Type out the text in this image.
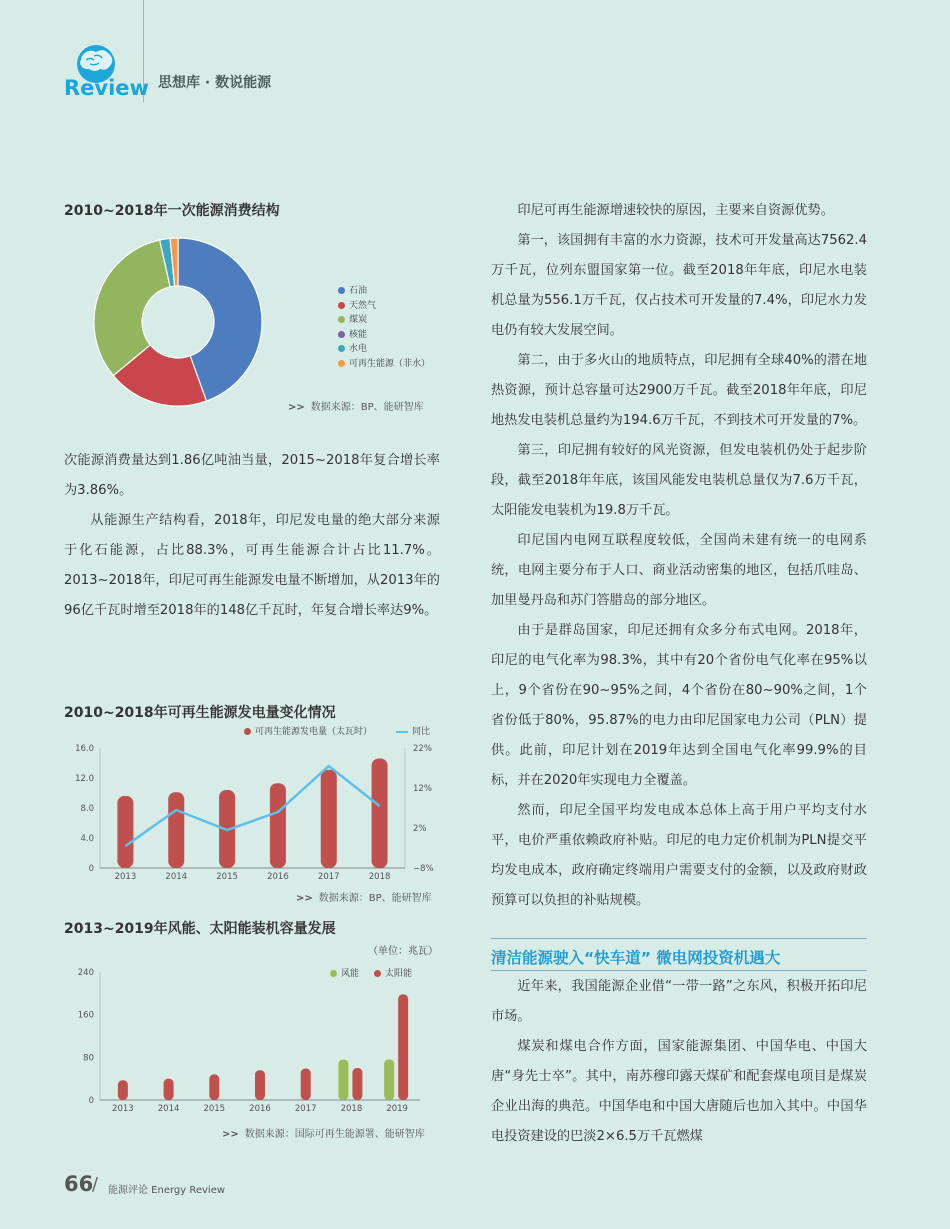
Review 思想库 · 数说能源
2010~2018年一次能源消费结构
石油
天然气
煤炭
核能
水电
可再生能源（非水）
>> 数据来源：BP、能研智库

次能源消费量达到1.86亿吨油当量，2015~2018年复合增长率为3.86%。

从能源生产结构看，2018年，印尼发电量的绝大部分来源于化石能源，占比88.3%，可再生能源合计占比11.7%。2013~2018年，印尼可再生能源发电量不断增加，从2013年的96亿千瓦时增至2018年的148亿千瓦时，年复合增长率达9%。

2010~2018年可再生能源发电量变化情况
可再生能源发电量（太瓦时）	同比
16.0
12.0
8.0
4.0
0
22%
12%
2%
−8%
2013	2014	2015	2016	2017	2018
>> 数据来源：BP、能研智库
2013~2019年风能、太阳能装机容量发展
（单位：兆瓦）
风能	太阳能
240
160
80
0
2013	2014	2015	2016	2017	2018	2019
>> 数据来源：国际可再生能源署、能研智库

印尼可再生能源增速较快的原因，主要来自资源优势。

第一，该国拥有丰富的水力资源，技术可开发量高达7562.4万千瓦，位列东盟国家第一位。截至2018年年底，印尼水电装机总量为556.1万千瓦，仅占技术可开发量的7.4%，印尼水力发电仍有较大发展空间。

第二，由于多火山的地质特点，印尼拥有全球40%的潜在地热资源，预计总容量可达2900万千瓦。截至2018年年底，印尼地热发电装机总量约为194.6万千瓦，不到技术可开发量的7%。

第三，印尼拥有较好的风光资源，但发电装机仍处于起步阶段，截至2018年年底，该国风能发电装机总量仅为7.6万千瓦，太阳能发电装机为19.8万千瓦。

印尼国内电网互联程度较低，全国尚未建有统一的电网系统，电网主要分布于人口、商业活动密集的地区，包括爪哇岛、加里曼丹岛和苏门答腊岛的部分地区。

由于是群岛国家，印尼还拥有众多分布式电网。2018年，印尼的电气化率为98.3%，其中有20个省份电气化率在95%以上，9个省份在90~95%之间，4个省份在80~90%之间，1个省份低于80%，95.87%的电力由印尼国家电力公司（PLN）提供。此前，印尼计划在2019年达到全国电气化率99.9%的目标，并在2020年实现电力全覆盖。

然而，印尼全国平均发电成本总体上高于用户平均支付水平，电价严重依赖政府补贴。印尼的电力定价机制为PLN提交平均发电成本，政府确定终端用户需要支付的金额，以及政府财政预算可以负担的补贴规模。

清洁能源驶入“快车道” 微电网投资机遇大

近年来，我国能源企业借“一带一路”之东风，积极开拓印尼市场。

煤炭和煤电合作方面，国家能源集团、中国华电、中国大唐“身先士卒”。其中，南苏穆印露天煤矿和配套煤电项目是煤炭企业出海的典范。中国华电和中国大唐随后也加入其中。中国华电投资建设的巴淡2×6.5万千瓦燃煤

66
/ 能源评论 Energy Review
